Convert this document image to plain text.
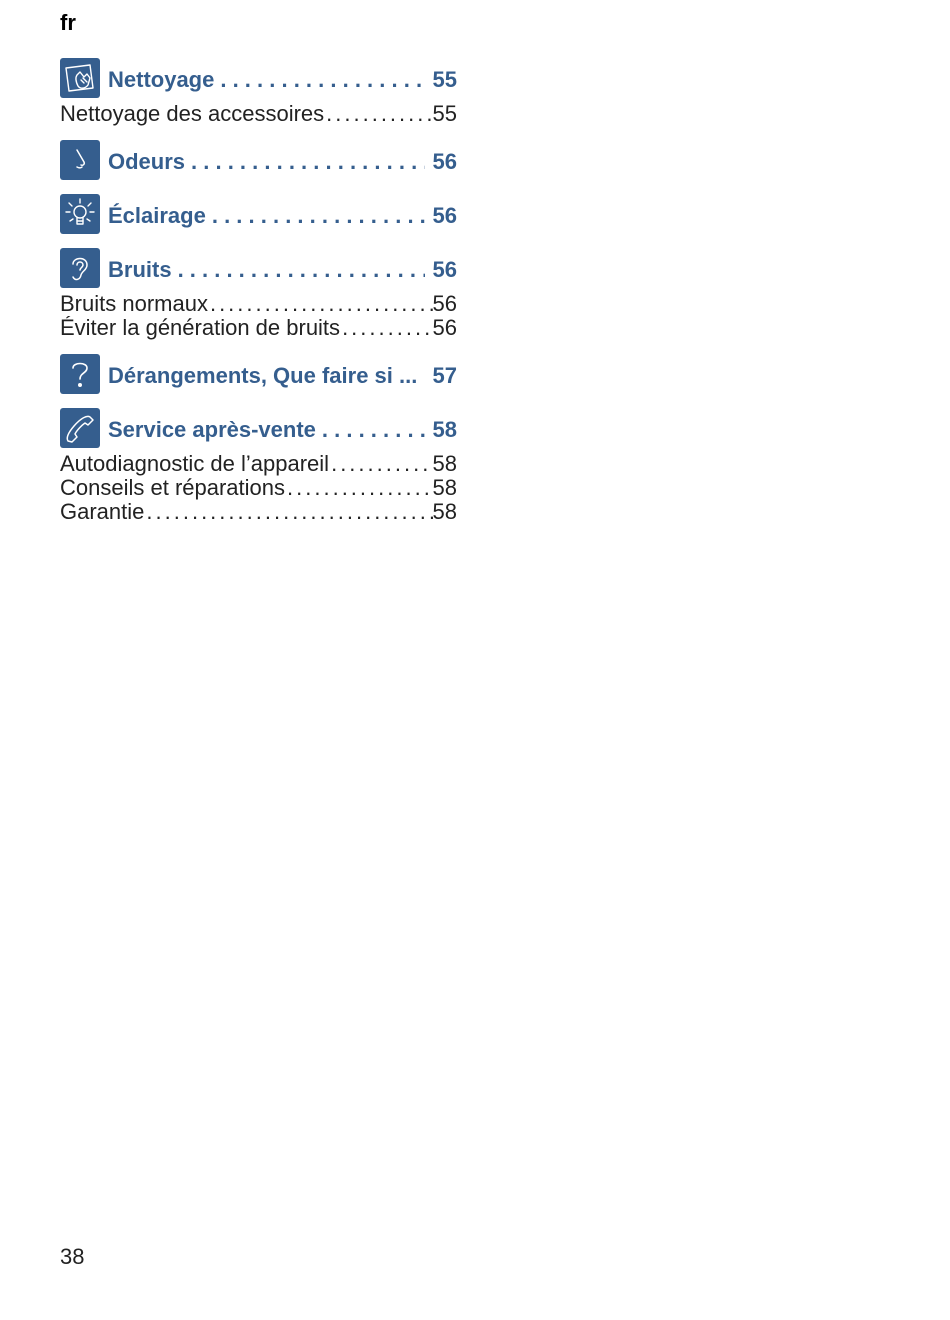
fr
Nettoyage . . .	55
Nettoyage des accessoires .....	55
Odeurs . . .	56
Éclairage . . .	56
Bruits . . .	56
Bruits normaux .....	56
Éviter la génération de bruits .....	56
Dérangements, Que faire si ... 57
Service après-vente . . .	58
Autodiagnostic de l’appareil .....	58
Conseils et réparations .....	58
Garantie .....	58
38
